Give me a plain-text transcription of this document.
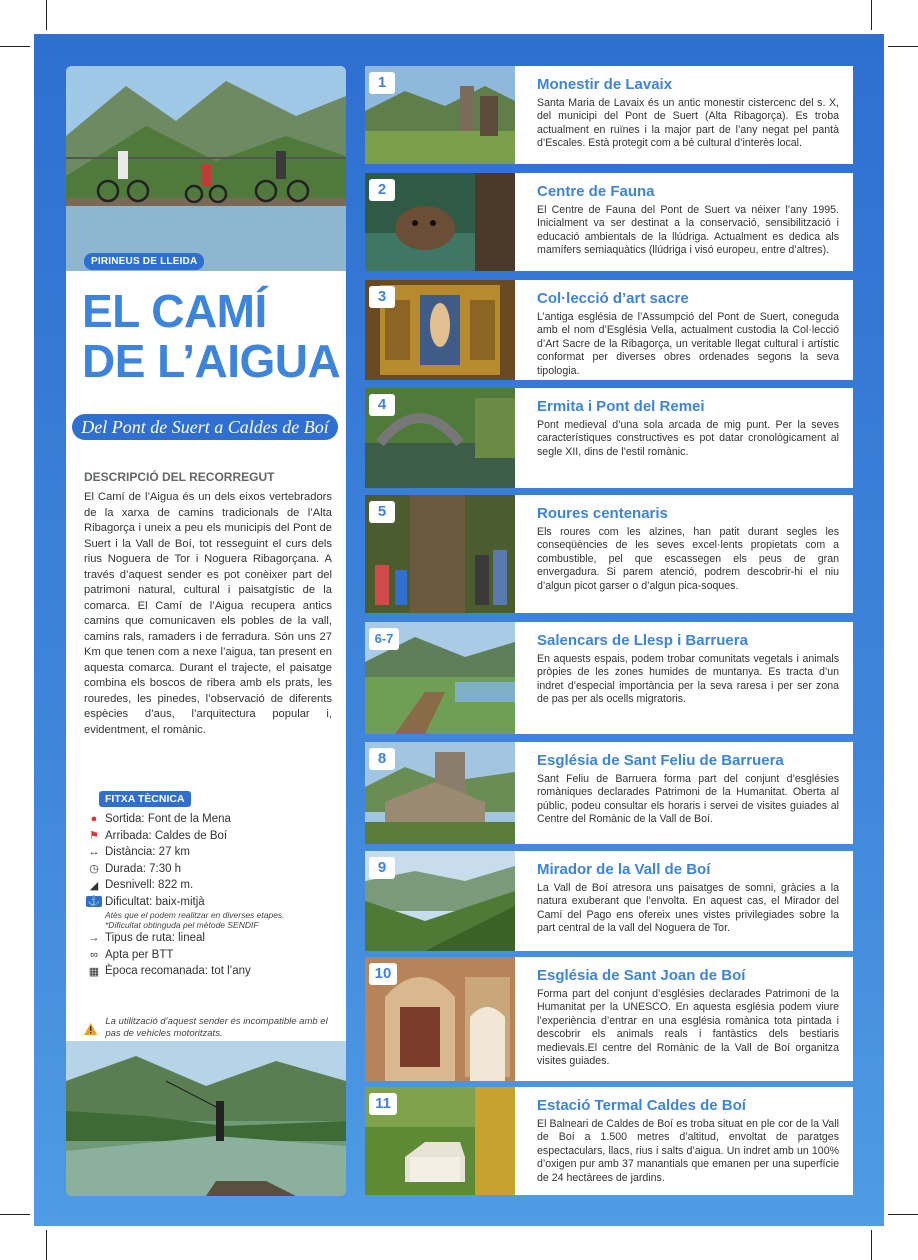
PIRINEUS DE LLEIDA
EL CAMÍ
DE L’AIGUA
Del Pont de Suert a Caldes de Boí
DESCRIPCIÓ DEL RECORREGUT
El Camí de l’Aigua és un dels eixos vertebradors de la xarxa de camins tradicionals de l’Alta Ribagorça i uneix a peu els municipis del Pont de Suert i la Vall de Boí, tot resseguint el curs dels rius Noguera de Tor i Noguera Ribagorçana. A través d’aquest sender es pot conèixer part del patrimoni natural, cultural i paisatgístic de la comarca. El Camí de l’Aigua recupera antics camins que comunicaven els pobles de la vall, camins rals, ramaders i de ferradura. Són uns 27 Km que tenen com a nexe l’aigua, tan present en aquesta comarca. Durant el trajecte, el paisatge combina els boscos de ribera amb els prats, les rouredes, les pinedes, l’observació de diferents espècies d’aus, l’arquitectura popular i, evidentment, el romànic.
FITXA TÈCNICA
● Sortida: Font de la Mena
⚑ Arribada: Caldes de Boí
↔ Distància: 27 km
◷ Durada: 7:30 h
◢ Desnivell: 822 m.
⚓ Dificultat: baix-mitjà
Atès que el podem realitzar en diverses etapes.
*Dificultat obtinguda pel mètode SENDIF
→ Tipus de ruta: lineal
∞ Apta per BTT
▦ Època recomanada: tot l’any
La utilització d’aquest sender és incompatible amb el pas de vehicles motoritzats.
1	Monestir de Lavaix
Santa Maria de Lavaix és un antic monestir cistercenc del s. X, del municipi del Pont de Suert (Alta Ribagorça). Es troba actualment en ruïnes i la major part de l’any negat pel pantà d’Escales. Està protegit com a bé cultural d’interès local.
2	Centre de Fauna
El Centre de Fauna del Pont de Suert va néixer l’any 1995. Inicialment va ser destinat a la conservació, sensibilització i educació ambientals de la llúdriga. Actualment es dedica als mamífers semiaquàtics (llúdriga i visó europeu, entre d’altres).
3	Col·lecció d’art sacre
L’antiga església de l’Assumpció del Pont de Suert, coneguda amb el nom d’Església Vella, actualment custodia la Col·lecció d’Art Sacre de la Ribagorça, un veritable llegat cultural i artístic conformat per diverses obres ordenades segons la seva tipologia.
4	Ermita i Pont del Remei
Pont medieval d’una sola arcada de mig punt. Per la seves característiques constructives es pot datar cronològicament al segle XII, dins de l’estil romànic.
5	Roures centenaris
Els roures com les alzines, han patit durant segles les conseqüències de les seves excel·lents propietats com a combustible, pel que escassegen els peus de gran envergadura. Si parem atenció, podrem descobrir-hi el niu d’algun picot garser o d’algun pica-soques.
6-7	Salencars de Llesp i Barruera
En aquests espais, podem trobar comunitats vegetals i animals pròpies de les zones humides de muntanya. Es tracta d’un indret d’especial importància per la seva raresa i per ser zona de pas per als ocells migratoris.
8	Església de Sant Feliu de Barruera
Sant Feliu de Barruera forma part del conjunt d’esglésies romàniques declarades Patrimoni de la Humanitat. Oberta al públic, podeu consultar els horaris i servei de visites guiades al Centre del Romànic de la Vall de Boí.
9	Mirador de la Vall de Boí
La Vall de Boí atresora uns paisatges de somni, gràcies a la natura exuberant que l’envolta. En aquest cas, el Mirador del Camí del Pago ens ofereix unes vistes privilegiades sobre la part central de la vall del Noguera de Tor.
10	Església de Sant Joan de Boí
Forma part del conjunt d’esglésies declarades Patrimoni de la Humanitat per la UNESCO. En aquesta església podem viure l’experiència d’entrar en una església romànica tota pintada i descobrir els animals reals i fantàstics dels bestiaris medievals.El centre del Romànic de la Vall de Boí organitza visites guiades.
11	Estació Termal Caldes de Boí
El Balneari de Caldes de Boí es troba situat en ple cor de la Vall de Boí a 1.500 metres d’altitud, envoltat de paratges espectaculars, llacs, rius i salts d’aigua. Un indret amb un 100% d’oxigen pur amb 37 manantials que emanen per una superfície de 24 hectàrees de jardins.
